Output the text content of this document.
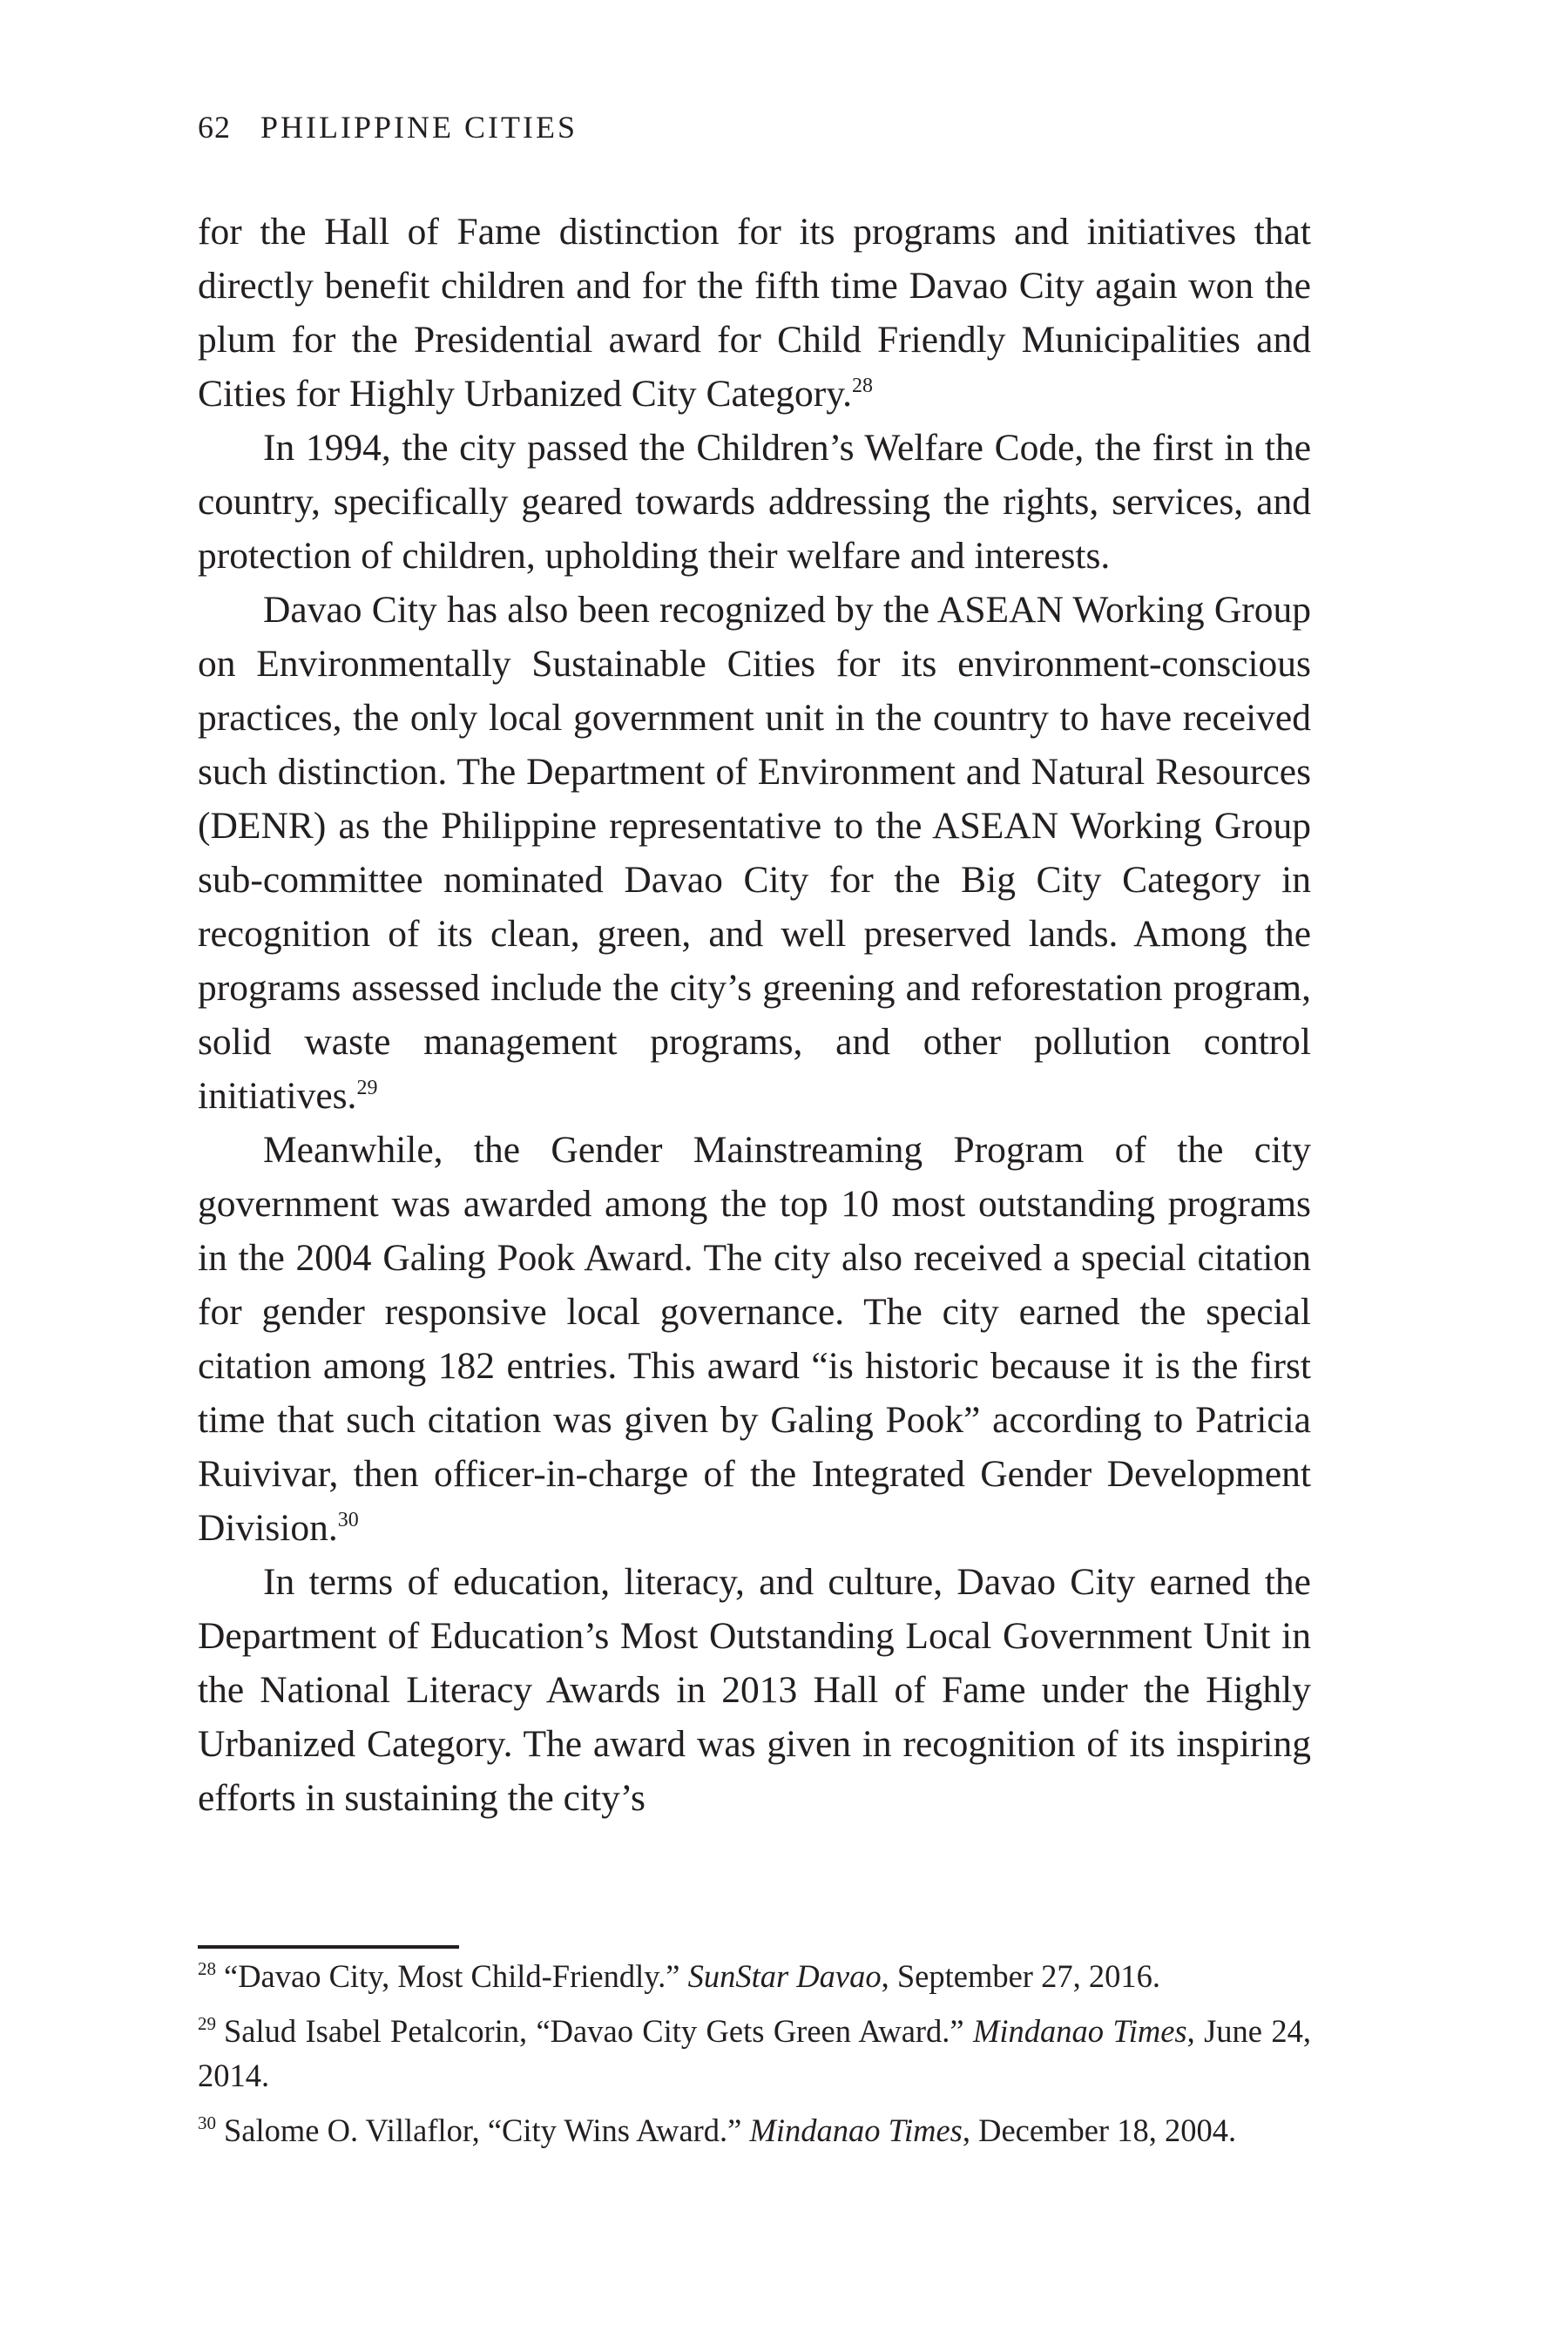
62 PHILIPPINE CITIES

for the Hall of Fame distinction for its programs and initiatives that directly benefit children and for the fifth time Davao City again won the plum for the Presidential award for Child Friendly Municipalities and Cities for Highly Urbanized City Category.$^{28}$

In 1994, the city passed the Children’s Welfare Code, the first in the country, specifically geared towards addressing the rights, services, and protection of children, upholding their welfare and interests.

Davao City has also been recognized by the ASEAN Working Group on Environmentally Sustainable Cities for its environment-conscious practices, the only local government unit in the country to have received such distinction. The Department of Environment and Natural Resources (DENR) as the Philippine representative to the ASEAN Working Group sub-committee nominated Davao City for the Big City Category in recognition of its clean, green, and well preserved lands. Among the programs assessed include the city’s greening and reforestation program, solid waste management programs, and other pollution control initiatives.$^{29}$

Meanwhile, the Gender Mainstreaming Program of the city government was awarded among the top 10 most outstanding programs in the 2004 Galing Pook Award. The city also received a special citation for gender responsive local governance. The city earned the special citation among 182 entries. This award “is historic because it is the first time that such citation was given by Galing Pook” according to Patricia Ruivivar, then officer-in-charge of the Integrated Gender Development Division.$^{30}$

In terms of education, literacy, and culture, Davao City earned the Department of Education’s Most Outstanding Local Government Unit in the National Literacy Awards in 2013 Hall of Fame under the Highly Urbanized Category. The award was given in recognition of its inspiring efforts in sustaining the city’s

$^{28}$ “Davao City, Most Child-Friendly.” SunStar Davao, September 27, 2016.

$^{29}$ Salud Isabel Petalcorin, “Davao City Gets Green Award.” Mindanao Times, June 24, 2014.

$^{30}$ Salome O. Villaflor, “City Wins Award.” Mindanao Times, December 18, 2004.
